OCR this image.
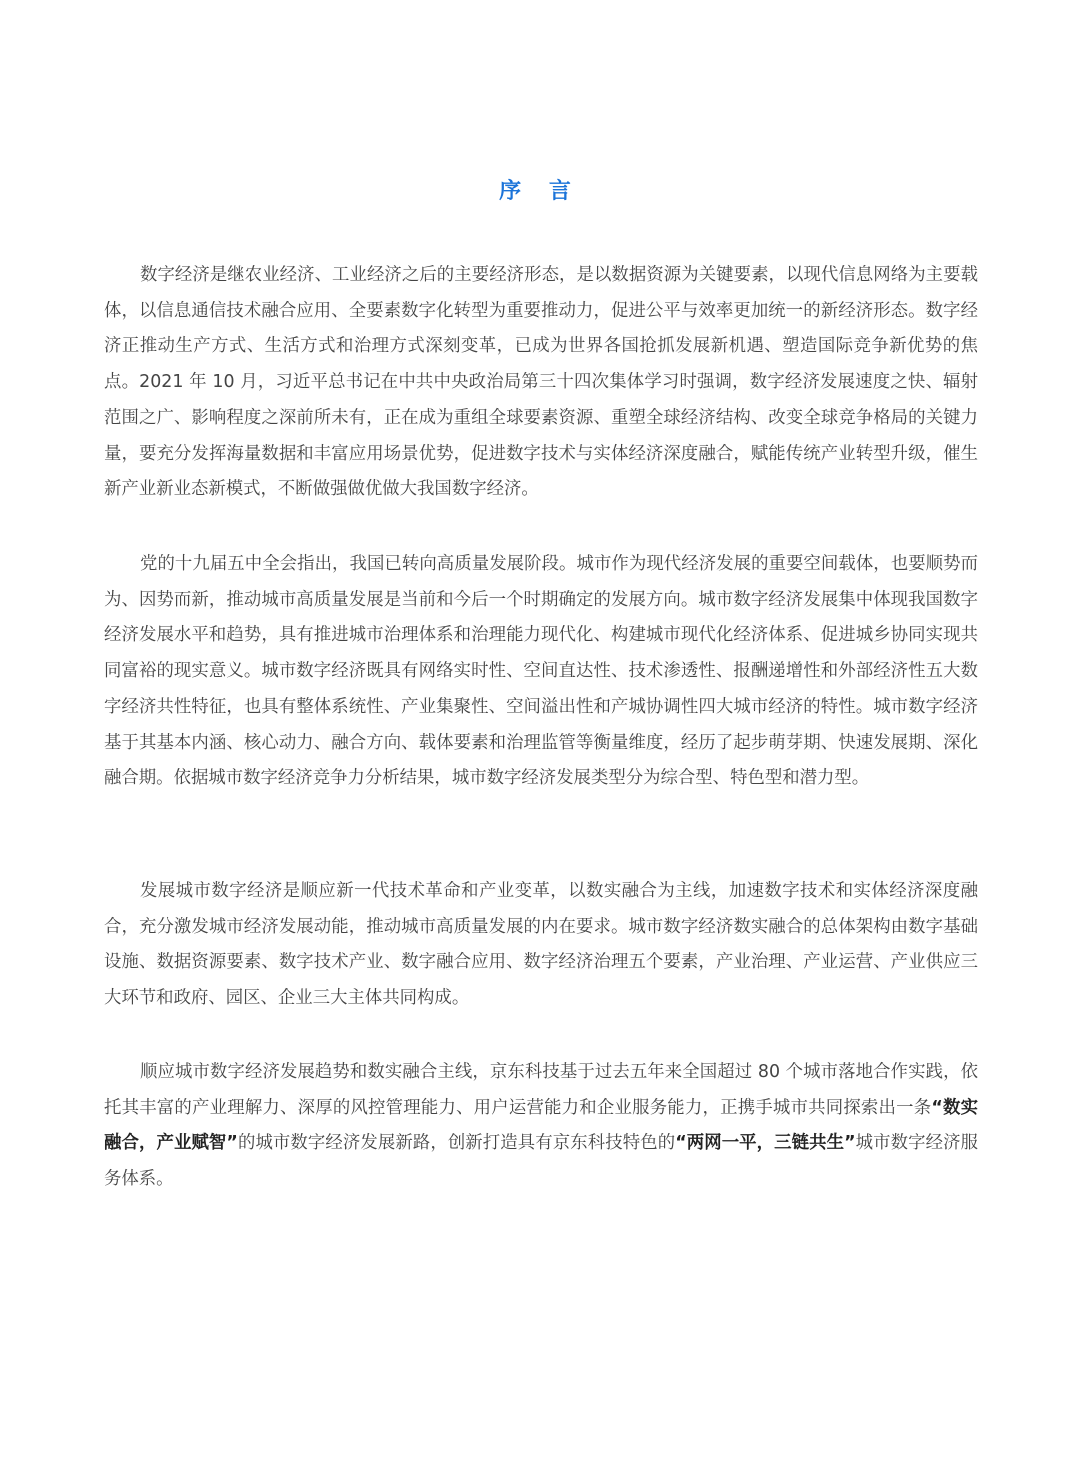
序 言

数字经济是继农业经济、工业经济之后的主要经济形态，是以数据资源为关键要素，以现代信息网络为主要载体，以信息通信技术融合应用、全要素数字化转型为重要推动力，促进公平与效率更加统一的新经济形态。数字经济正推动生产方式、生活方式和治理方式深刻变革，已成为世界各国抢抓发展新机遇、塑造国际竞争新优势的焦点。2021 年 10 月，习近平总书记在中共中央政治局第三十四次集体学习时强调，数字经济发展速度之快、辐射范围之广、影响程度之深前所未有，正在成为重组全球要素资源、重塑全球经济结构、改变全球竞争格局的关键力量，要充分发挥海量数据和丰富应用场景优势，促进数字技术与实体经济深度融合，赋能传统产业转型升级，催生新产业新业态新模式，不断做强做优做大我国数字经济。

党的十九届五中全会指出，我国已转向高质量发展阶段。城市作为现代经济发展的重要空间载体，也要顺势而为、因势而新，推动城市高质量发展是当前和今后一个时期确定的发展方向。城市数字经济发展集中体现我国数字经济发展水平和趋势，具有推进城市治理体系和治理能力现代化、构建城市现代化经济体系、促进城乡协同实现共同富裕的现实意义。城市数字经济既具有网络实时性、空间直达性、技术渗透性、报酬递增性和外部经济性五大数字经济共性特征，也具有整体系统性、产业集聚性、空间溢出性和产城协调性四大城市经济的特性。城市数字经济基于其基本内涵、核心动力、融合方向、载体要素和治理监管等衡量维度，经历了起步萌芽期、快速发展期、深化融合期。依据城市数字经济竞争力分析结果，城市数字经济发展类型分为综合型、特色型和潜力型。

发展城市数字经济是顺应新一代技术革命和产业变革，以数实融合为主线，加速数字技术和实体经济深度融合，充分激发城市经济发展动能，推动城市高质量发展的内在要求。城市数字经济数实融合的总体架构由数字基础设施、数据资源要素、数字技术产业、数字融合应用、数字经济治理五个要素，产业治理、产业运营、产业供应三大环节和政府、园区、企业三大主体共同构成。

顺应城市数字经济发展趋势和数实融合主线，京东科技基于过去五年来全国超过 80 个城市落地合作实践，依托其丰富的产业理解力、深厚的风控管理能力、用户运营能力和企业服务能力，正携手城市共同探索出一条“数实融合，产业赋智”的城市数字经济发展新路，创新打造具有京东科技特色的“两网一平，三链共生”城市数字经济服务体系。
